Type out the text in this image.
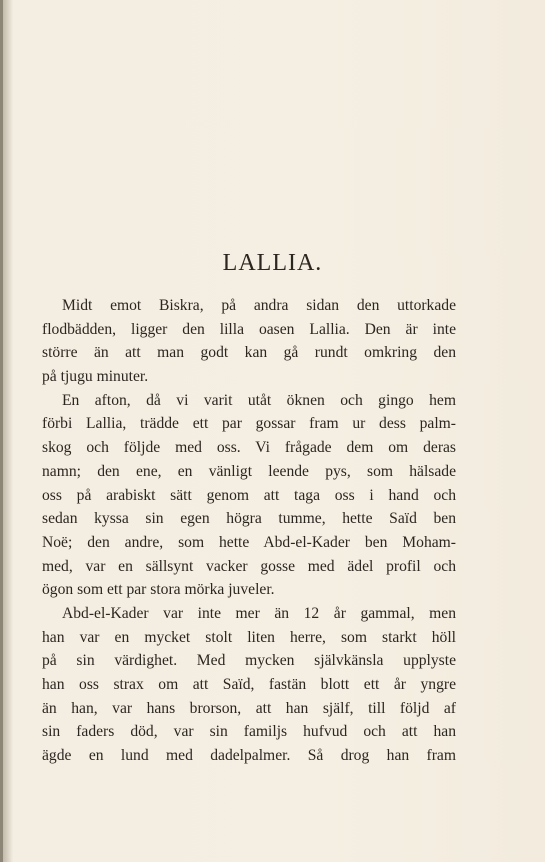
LALLIA.
Midt emot Biskra, på andra sidan den uttorkade
flodbädden, ligger den lilla oasen Lallia. Den är inte
större än att man godt kan gå rundt omkring den
på tjugu minuter.
En afton, då vi varit utåt öknen och gingo hem
förbi Lallia, trädde ett par gossar fram ur dess palm-
skog och följde med oss. Vi frågade dem om deras
namn; den ene, en vänligt leende pys, som hälsade
oss på arabiskt sätt genom att taga oss i hand och
sedan kyssa sin egen högra tumme, hette Saïd ben
Noë; den andre, som hette Abd-el-Kader ben Moham-
med, var en sällsynt vacker gosse med ädel profil och
ögon som ett par stora mörka juveler.
Abd-el-Kader var inte mer än 12 år gammal, men
han var en mycket stolt liten herre, som starkt höll
på sin värdighet. Med mycken självkänsla upplyste
han oss strax om att Saïd, fastän blott ett år yngre
än han, var hans brorson, att han själf, till följd af
sin faders död, var sin familjs hufvud och att han
ägde en lund med dadelpalmer. Så drog han fram
